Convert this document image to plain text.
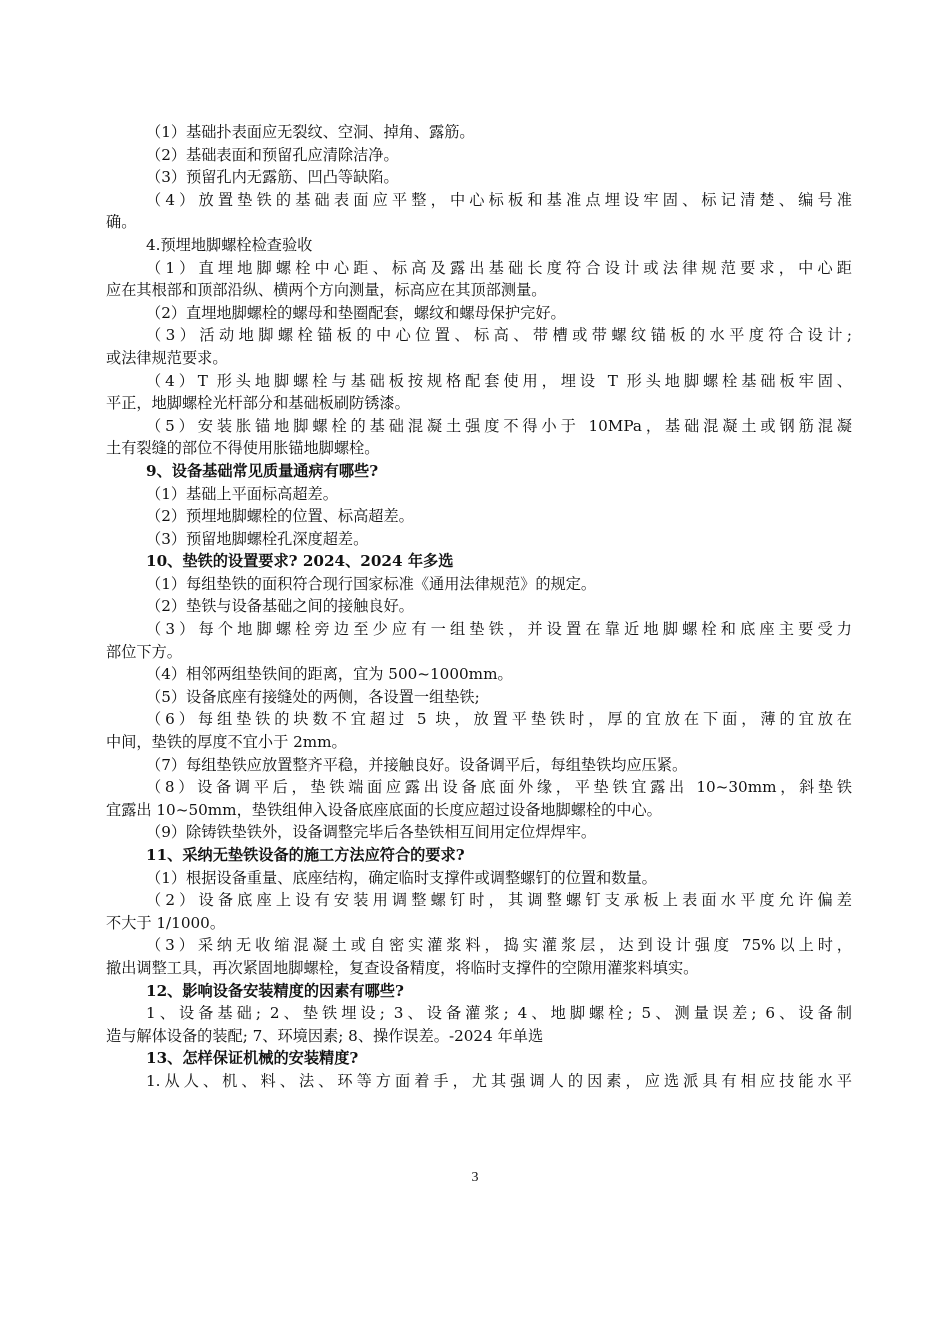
（1）基础扑表面应无裂纹、空洞、掉角、露筋。
（2）基础表面和预留孔应清除洁净。
（3）预留孔内无露筋、凹凸等缺陷。
（4）放置垫铁的基础表面应平整，中心标板和基准点埋设牢固、标记清楚、编号准
确。
4.预埋地脚螺栓检查验收
（1）直埋地脚螺栓中心距、标高及露出基础长度符合设计或法律规范要求，中心距
应在其根部和顶部沿纵、横两个方向测量，标高应在其顶部测量。
（2）直埋地脚螺栓的螺母和垫圈配套，螺纹和螺母保护完好。
（3）活动地脚螺栓锚板的中心位置、标高、带槽或带螺纹锚板的水平度符合设计;
或法律规范要求。
（4）T 形头地脚螺栓与基础板按规格配套使用，埋设 T 形头地脚螺栓基础板牢固、
平正，地脚螺栓光杆部分和基础板刷防锈漆。
（5）安装胀锚地脚螺栓的基础混凝土强度不得小于 10MPa，基础混凝土或钢筋混凝
土有裂缝的部位不得使用胀锚地脚螺栓。
9、设备基础常见质量通病有哪些?
（1）基础上平面标高超差。
（2）预埋地脚螺栓的位置、标高超差。
（3）预留地脚螺栓孔深度超差。
10、垫铁的设置要求? 2024、2024 年多选
（1）每组垫铁的面积符合现行国家标准《通用法律规范》的规定。
（2）垫铁与设备基础之间的接触良好。
（3）每个地脚螺栓旁边至少应有一组垫铁，并设置在靠近地脚螺栓和底座主要受力
部位下方。
（4）相邻两组垫铁间的距离，宜为 500~1000mm。
（5）设备底座有接缝处的两侧，各设置一组垫铁;
（6）每组垫铁的块数不宜超过 5 块，放置平垫铁时，厚的宜放在下面，薄的宜放在
中间，垫铁的厚度不宜小于 2mm。
（7）每组垫铁应放置整齐平稳，并接触良好。设备调平后，每组垫铁均应压紧。
（8）设备调平后，垫铁端面应露出设备底面外缘，平垫铁宜露出 10~30mm，斜垫铁
宜露出 10~50mm，垫铁组伸入设备底座底面的长度应超过设备地脚螺栓的中心。
（9）除铸铁垫铁外，设备调整完毕后各垫铁相互间用定位焊焊牢。
11、采纳无垫铁设备的施工方法应符合的要求?
（1）根据设备重量、底座结构，确定临时支撑件或调整螺钉的位置和数量。
（2）设备底座上设有安装用调整螺钉时，其调整螺钉支承板上表面水平度允许偏差
不大于 1/1000。
（3）采纳无收缩混凝土或自密实灌浆料，捣实灌浆层，达到设计强度 75%以上时，
撤出调整工具，再次紧固地脚螺栓，复查设备精度，将临时支撑件的空隙用灌浆料填实。
12、影响设备安装精度的因素有哪些?
1、设备基础; 2、垫铁埋设; 3、设备灌浆; 4、地脚螺栓; 5、测量误差; 6、设备制
造与解体设备的装配; 7、环境因素; 8、操作误差。-2024 年单选
13、怎样保证机械的安装精度?
1.从人、机、料、法、环等方面着手，尤其强调人的因素，应选派具有相应技能水平
3
